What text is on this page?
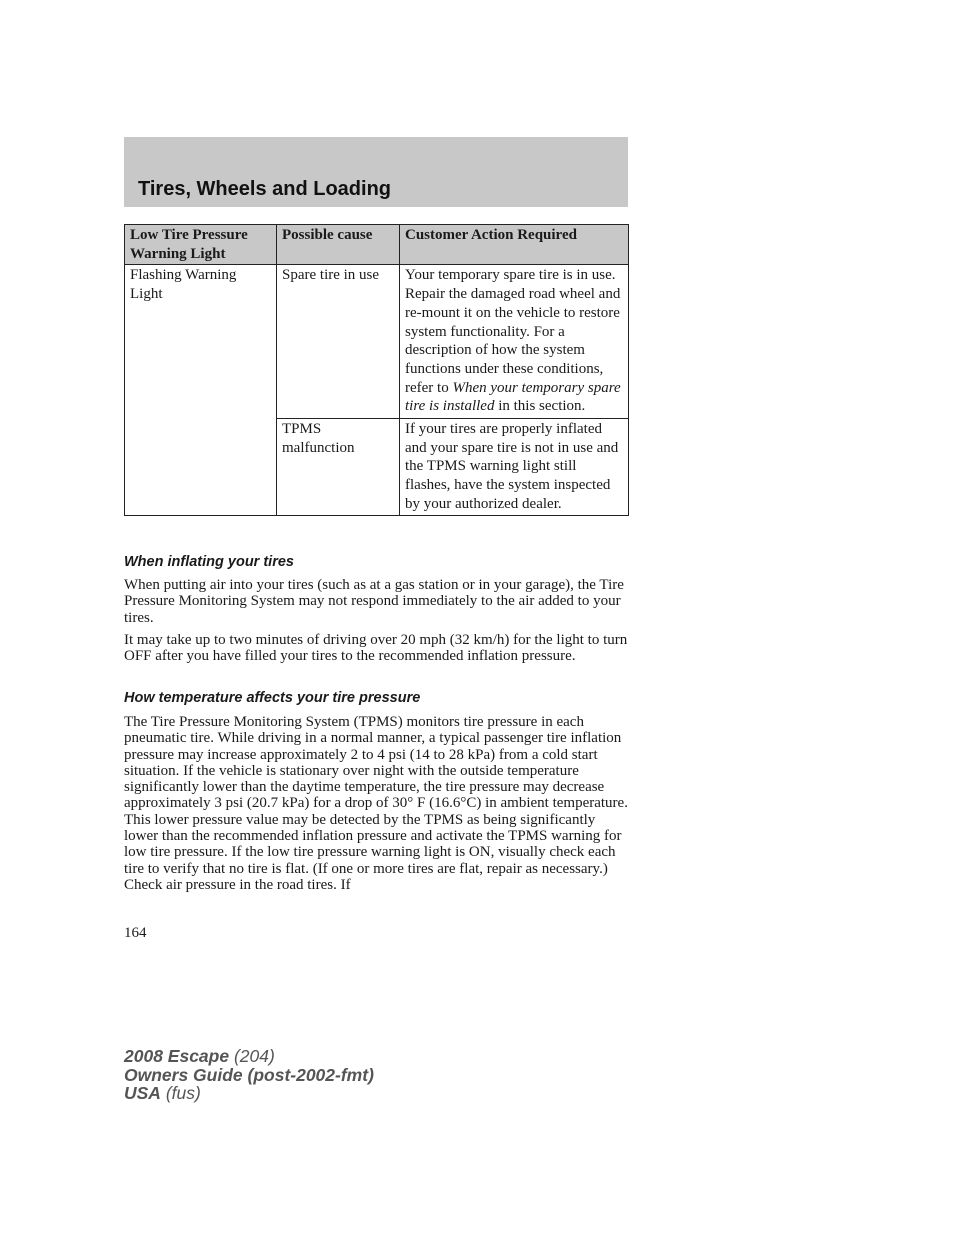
Tires, Wheels and Loading
Low Tire Pressure Warning Light	Possible cause	Customer Action Required
Flashing Warning Light	Spare tire in use	Your temporary spare tire is in use. Repair the damaged road wheel and re-mount it on the vehicle to restore system functionality. For a description of how the system functions under these conditions, refer to When your temporary spare tire is installed in this section.
	TPMS malfunction	If your tires are properly inflated and your spare tire is not in use and the TPMS warning light still flashes, have the system inspected by your authorized dealer.
When inflating your tires

When putting air into your tires (such as at a gas station or in your garage), the Tire Pressure Monitoring System may not respond immediately to the air added to your tires.

It may take up to two minutes of driving over 20 mph (32 km/h) for the light to turn OFF after you have filled your tires to the recommended inflation pressure.

How temperature affects your tire pressure

The Tire Pressure Monitoring System (TPMS) monitors tire pressure in each pneumatic tire. While driving in a normal manner, a typical passenger tire inflation pressure may increase approximately 2 to 4 psi (14 to 28 kPa) from a cold start situation. If the vehicle is stationary over night with the outside temperature significantly lower than the daytime temperature, the tire pressure may decrease approximately 3 psi (20.7 kPa) for a drop of 30° F (16.6°C) in ambient temperature. This lower pressure value may be detected by the TPMS as being significantly lower than the recommended inflation pressure and activate the TPMS warning for low tire pressure. If the low tire pressure warning light is ON, visually check each tire to verify that no tire is flat. (If one or more tires are flat, repair as necessary.) Check air pressure in the road tires. If

164
2008 Escape (204)
Owners Guide (post-2002-fmt)
USA (fus)
